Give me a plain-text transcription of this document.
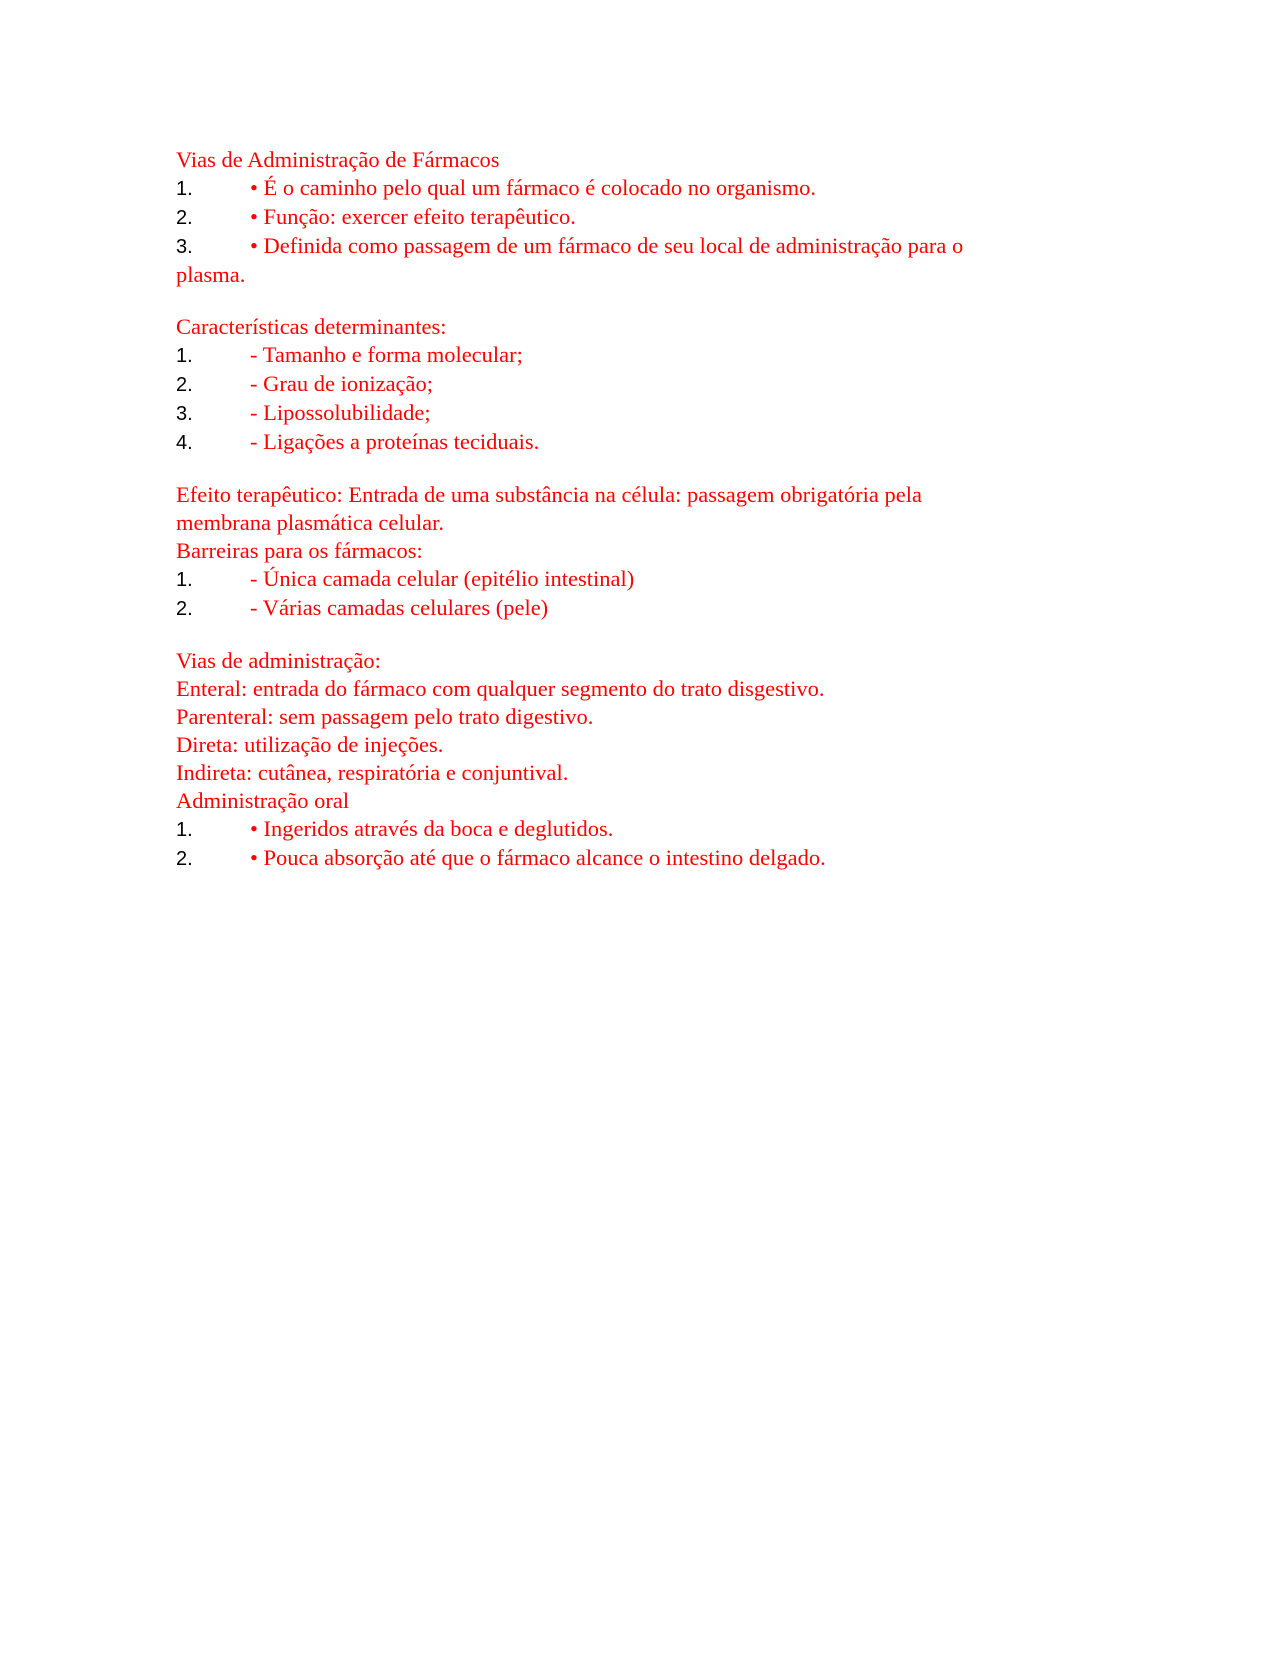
Vias de Administração de Fármacos

1.	• É o caminho pelo qual um fármaco é colocado no organismo.

2.	• Função: exercer efeito terapêutico.

3.	• Definida como passagem de um fármaco de seu local de administração para o

plasma.

Características determinantes:

1.	- Tamanho e forma molecular;

2.	- Grau de ionização;

3.	- Lipossolubilidade;

4.	- Ligações a proteínas teciduais.

Efeito terapêutico: Entrada de uma substância na célula: passagem obrigatória pela

membrana plasmática celular.

Barreiras para os fármacos:

1.	- Única camada celular (epitélio intestinal)

2.	- Várias camadas celulares (pele)

Vias de administração:

Enteral: entrada do fármaco com qualquer segmento do trato disgestivo.

Parenteral: sem passagem pelo trato digestivo.

Direta: utilização de injeções.

Indireta: cutânea, respiratória e conjuntival.

Administração oral

1.	• Ingeridos através da boca e deglutidos.

2.	• Pouca absorção até que o fármaco alcance o intestino delgado.
